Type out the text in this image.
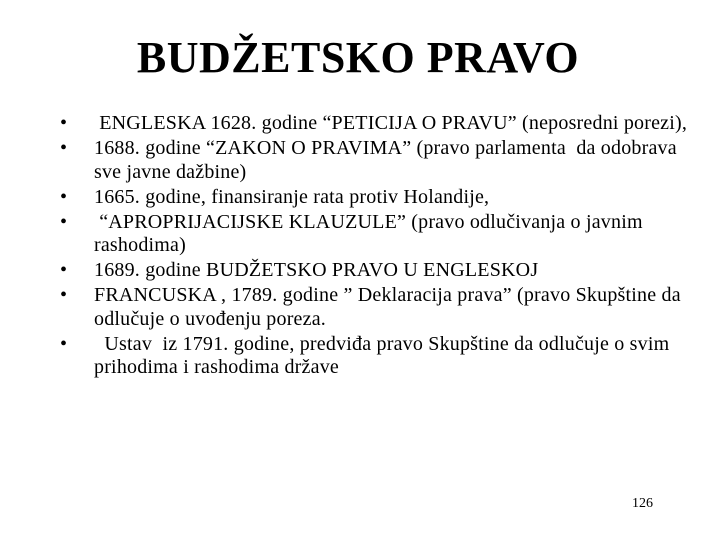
BUDŽETSKO PRAVO
• ENGLESKA 1628. godine “PETICIJA O PRAVU” (neposredni porezi),
• 1688. godine “ZAKON O PRAVIMA” (pravo parlamenta  da odobrava sve javne dažbine)
• 1665. godine, finansiranje rata protiv Holandije,
• “APROPRIJACIJSKE KLAUZULE” (pravo odlučivanja o javnim rashodima)
• 1689. godine BUDŽETSKO PRAVO U ENGLESKOJ
• FRANCUSKA , 1789. godine ” Deklaracija prava” (pravo Skupštine da odlučuje o uvođenju poreza.
• Ustav  iz 1791. godine, predviđa pravo Skupštine da odlučuje o svim prihodima i rashodima države
126
